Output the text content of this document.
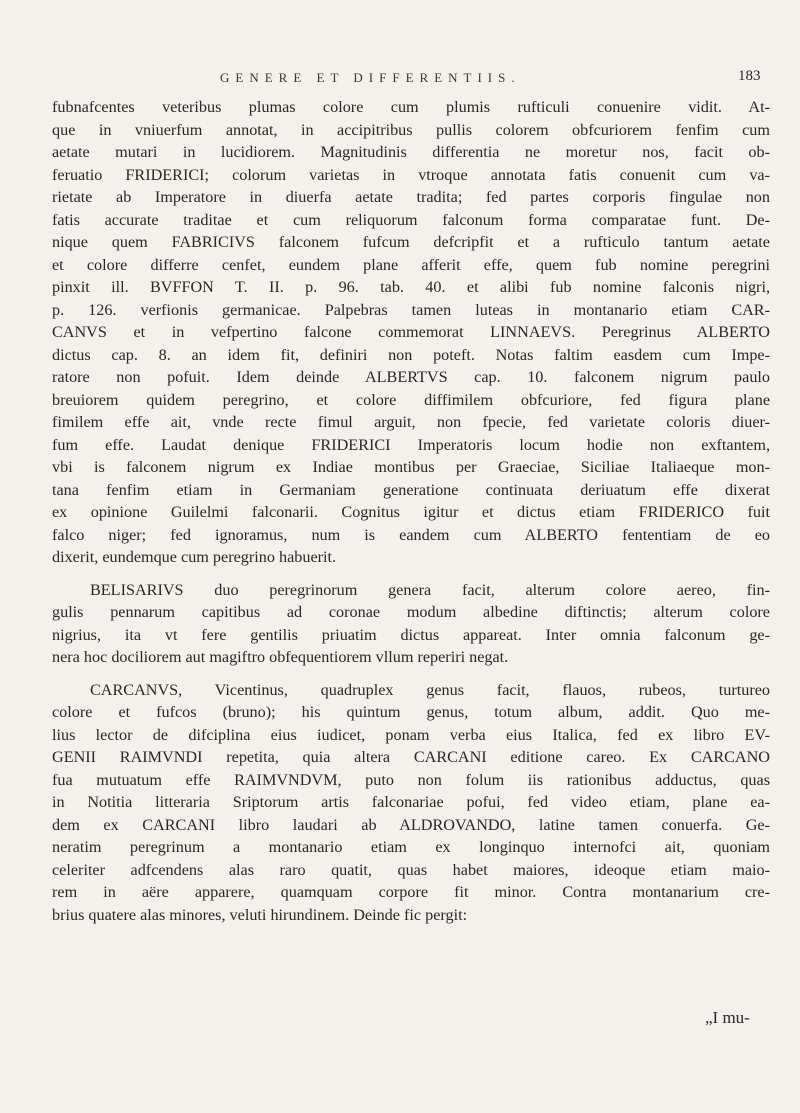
GENERE ET DIFFERENTIIS.	183
fubnafcentes veteribus plumas colore cum plumis rufticuli conuenire vidit. At-
que in vniuerfum annotat, in accipitribus pullis colorem obfcuriorem fenfim cum
aetate mutari in lucidiorem. Magnitudinis differentia ne moretur nos, facit ob-
feruatio FRIDERICI; colorum varietas in vtroque annotata fatis conuenit cum va-
rietate ab Imperatore in diuerfa aetate tradita; fed partes corporis fingulae non
fatis accurate traditae et cum reliquorum falconum forma comparatae funt. De-
nique quem FABRICIVS falconem fufcum defcripfit et a rufticulo tantum aetate
et colore differre cenfet, eundem plane afferit effe, quem fub nomine peregrini
pinxit ill. BVFFON T. II. p. 96. tab. 40. et alibi fub nomine falconis nigri,
p. 126. verfionis germanicae. Palpebras tamen luteas in montanario etiam CAR-
CANVS et in vefpertino falcone commemorat LINNAEVS. Peregrinus ALBERTO
dictus cap. 8. an idem fit, definiri non poteft. Notas faltim easdem cum Impe-
ratore non pofuit. Idem deinde ALBERTVS cap. 10. falconem nigrum paulo
breuiorem quidem peregrino, et colore diffimilem obfcuriore, fed figura plane
fimilem effe ait, vnde recte fimul arguit, non fpecie, fed varietate coloris diuer-
fum effe. Laudat denique FRIDERICI Imperatoris locum hodie non exftantem,
vbi is falconem nigrum ex Indiae montibus per Graeciae, Siciliae Italiaeque mon-
tana fenfim etiam in Germaniam generatione continuata deriuatum effe dixerat
ex opinione Guilelmi falconarii. Cognitus igitur et dictus etiam FRIDERICO fuit
falco niger; fed ignoramus, num is eandem cum ALBERTO fententiam de eo
dixerit, eundemque cum peregrino habuerit.
BELISARIVS duo peregrinorum genera facit, alterum colore aereo, fin-
gulis pennarum capitibus ad coronae modum albedine diftinctis; alterum colore
nigrius, ita vt fere gentilis priuatim dictus appareat. Inter omnia falconum ge-
nera hoc dociliorem aut magiftro obfequentiorem vllum reperiri negat.
CARCANVS, Vicentinus, quadruplex genus facit, flauos, rubeos, turtureo
colore et fufcos (bruno); his quintum genus, totum album, addit. Quo me-
lius lector de difciplina eius iudicet, ponam verba eius Italica, fed ex libro EV-
GENII RAIMVNDI repetita, quia altera CARCANI editione careo. Ex CARCANO
fua mutuatum effe RAIMVNDVM, puto non folum iis rationibus adductus, quas
in Notitia litteraria Sriptorum artis falconariae pofui, fed video etiam, plane ea-
dem ex CARCANI libro laudari ab ALDROVANDO, latine tamen conuerfa. Ge-
neratim peregrinum a montanario etiam ex longinquo internofci ait, quoniam
celeriter adfcendens alas raro quatit, quas habet maiores, ideoque etiam maio-
rem in aëre apparere, quamquam corpore fit minor. Contra montanarium cre-
brius quatere alas minores, veluti hirundinem. Deinde fic pergit:
„I mu-
